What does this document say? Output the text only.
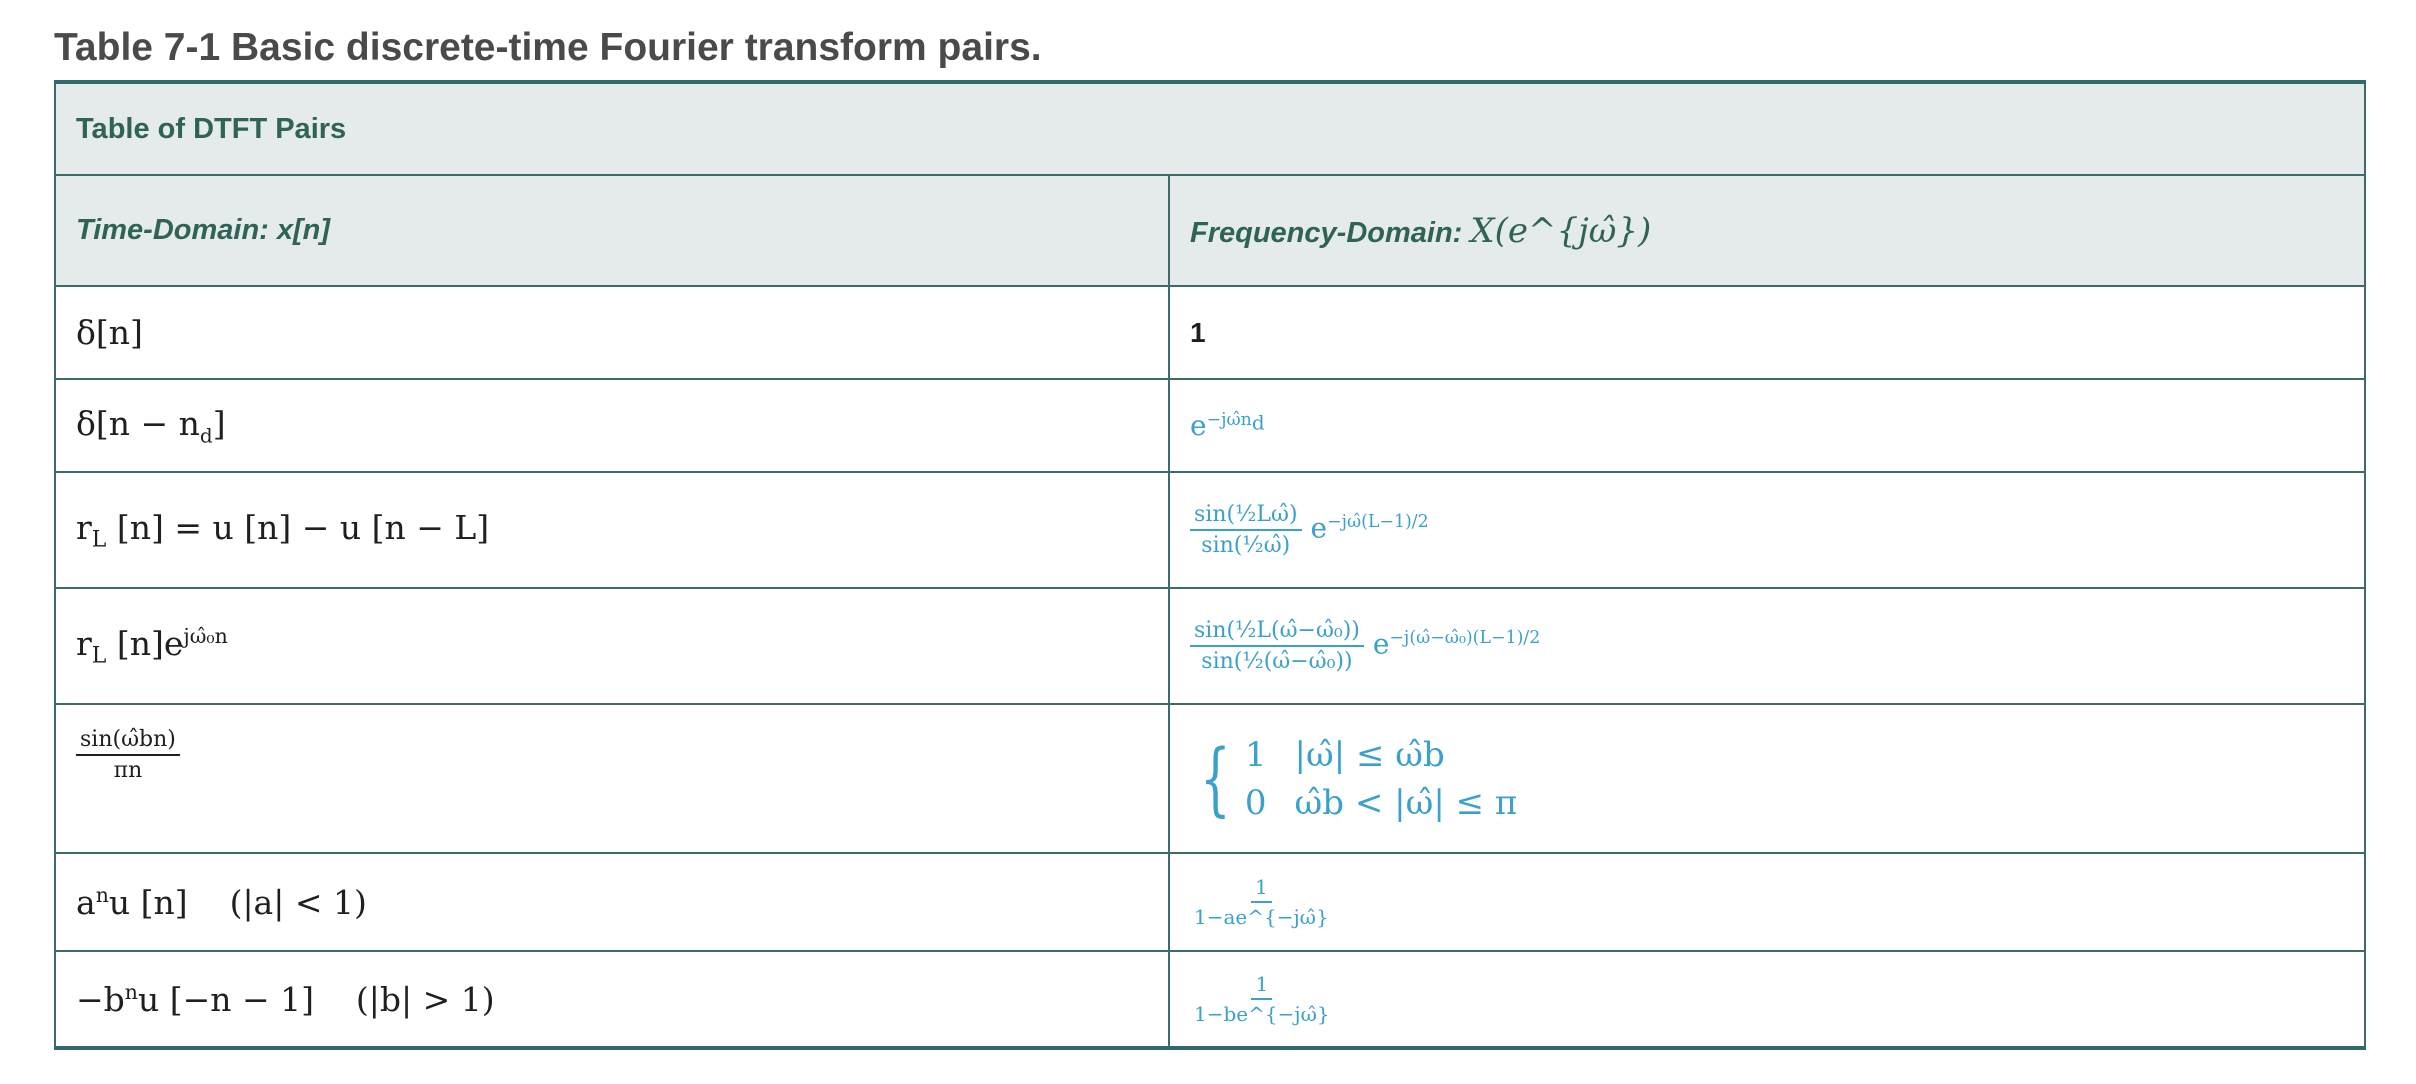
Table 7-1 Basic discrete-time Fourier transform pairs.
Table of DTFT Pairs	
Time-Domain: x[n]	Frequency-Domain: X(e^{jω̂})
δ[n]	1
$\delta[n - n_d]$	$e^{-j\omegân_d}$
$r_L$ [n] = u [n] − u [n − L]	$\frac{\text{sin(½Lω̂)}}{\text{sin(½ω̂)}} e^{-j\omegâ(L-1)/2}$
$r_L$ $[n]e^{j\omegâ_0n}$	$\frac{\text{sin(½L(ω̂−ω̂₀))}}{\text{sin(½(ω̂−ω̂₀))}} e^{-j(\omegâ-\omegâ_0)(L-1)/2}$

$\frac{\sin(\omegâbn)}{\pi n}$	{ 1 |ω̂| ≤ ω̂b
0 ω̂b < |ω̂| ≤ π

$a^nu$ [n]    (|a| < 1)	$\frac{1}{1-ae\^{}\{-j\omegâ\}}$

$-b^nu$ [−n − 1]    (|b| > 1)	$\frac{1}{1-be\^{}\{-j\omegâ\}}$
